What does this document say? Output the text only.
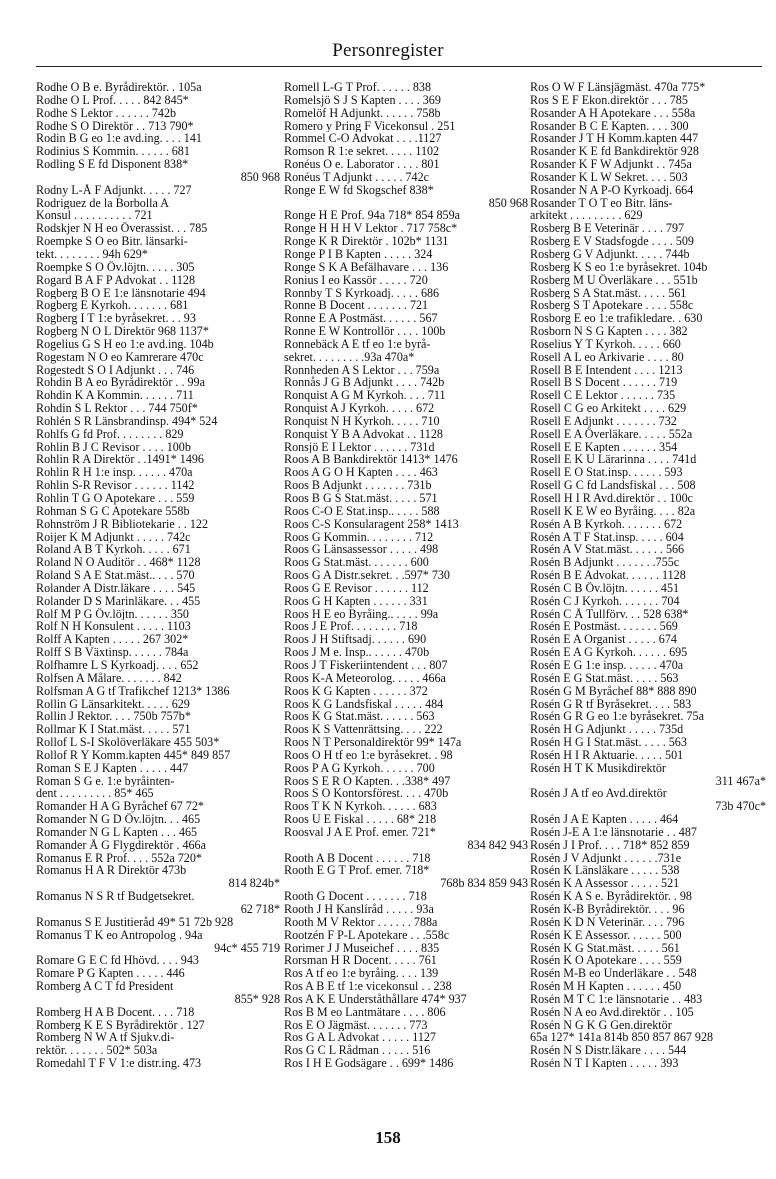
Personregister
Rodhe O B e. Byrådirektör. . 105a
Rodhe O L Prof. . . . . 842 845*
Rodhe S Lektor . . . . . . 742b
Rodhe S O Direktör . . 713 790*
Rodin B G eo 1:e avd.ing. . . . 141
Rodinius S Kommin. . . . . . 681
Rodling S E fd Disponent 838*
850 968
Rodny L-Å F Adjunkt. . . . . 727
Rodriguez de la Borbolla A
Konsul . . . . . . . . . . 721
Rodskjer N H eo Överassist. . . 785
Roempke S O eo Bitr. länsarki-
tekt. . . . . . . . 94h 629*
Roempke S O Öv.löjtn. . . . . 305
Rogard B A F P Advokat . . 1128
Rogberg B O E 1:e länsnotarie 494
Rogberg E Kyrkoh. . . . . . . 681
Rogberg I T 1:e byråsekret. . . 93
Rogberg N O L Direktör 968 1137*
Rogelius G S H eo 1:e avd.ing. 104b
Rogestam N O eo Kamrerare 470c
Rogestedt S O I Adjunkt . . . 746
Rohdin B A eo Byrådirektör . . 99a
Rohdin K A Kommin. . . . . . 711
Rohdin S L Rektor . . . 744 750f*
Rohlén S R Länsbrandinsp. 494* 524
Rohlfs G fd Prof. . . . . . . . 829
Rohlin B J C Revisor . . . . 100b
Rohlin R A Direktör . .1491* 1496
Rohlin R H 1:e insp. . . . . . 470a
Rohlin S-R Revisor . . . . . . 1142
Rohlin T G O Apotekare . . . 559
Rohman S G C Apotekare 558b
Rohnström J R Bibliotekarie . . 122
Roijer K M Adjunkt . . . . . 742c
Roland A B T Kyrkoh. . . . . 671
Roland N O Auditör . . 468* 1128
Roland S A E Stat.mäst.. . . . 570
Rolander A Distr.läkare . . . . 545
Rolander D S Marinläkare. . . 455
Rolf M P G Öv.löjtn. . . . . . 350
Rolf N H Konsulent . . . . . 1103
Rolff A Kapten . . . . . 267 302*
Rolff S B Växtinsp. . . . . . 784a
Rolfhamre L S Kyrkoadj. . . . 652
Rolfsen A Målare. . . . . . . 842
Rolfsman A G tf Trafikchef 1213* 1386
Rollin G Länsarkitekt. . . . . 629
Rollin J Rektor. . . . 750b 757b*
Rollmar K I Stat.mäst. . . . . 571
Rollof L S-I Skolöverläkare 455 503*
Rollof R Y Komm.kapten 445* 849 857
Roman S E J Kapten . . . . . 447
Roman S G e. 1:e byråinten-
dent . . . . . . . . . 85* 465
Romander H A G Byråchef 67 72*
Romander N G D Öv.löjtn. . . 465
Romander N G L Kapten . . . 465
Romander Å G Flygdirektör . 466a
Romanus E R Prof. . . . 552a 720*
Romanus H A R Direktör 473b
814 824b*
Romanus N S R tf Budgetsekret.
62 718*
Romanus S E Justitieråd 49* 51 72b 928
Romanus T K eo Antropolog . 94a
94c* 455 719
Romare G E C fd Hhövd. . . . 943
Romare P G Kapten . . . . . 446
Romberg A C T fd President
855* 928
Romberg H A B Docent. . . . 718
Romberg K E S Byrådirektör . 127
Romberg N W A tf Sjukv.di-
rektör. . . . . . . 502* 503a
Romedahl T F V 1:e distr.ing. 473
Romell L-G T Prof. . . . . . 838
Romelsjö S J S Kapten . . . . 369
Romelöf H Adjunkt. . . . . . 758b
Romero y Pring F Vicekonsul . 251
Rommel C-O Advokat . . . .1127
Romson R 1:e sekret. . . . . 1102
Ronéus O e. Laborator . . . . 801
Ronéus T Adjunkt . . . . . 742c
Ronge E W fd Skogschef 838*
850 968
Ronge H E Prof. 94a 718* 854 859a
Ronge H H H V Lektor . 717 758c*
Ronge K R Direktör . 102b* 1131
Ronge P I B Kapten . . . . . 324
Ronge S K A Befälhavare . . . 136
Ronius I eo Kassör . . . . . 720
Ronnby T S Kyrkoadj. . . . . 686
Ronne B Docent . . . . . . . 721
Ronne E A Postmäst. . . . . . 567
Ronne E W Kontrollör . . . . 100b
Ronnebäck A E tf eo 1:e byrå-
sekret. . . . . . . . .93a 470a*
Ronnheden A S Lektor . . . 759a
Ronnås J G B Adjunkt . . . . 742b
Ronquist A G M Kyrkoh. . . . 711
Ronquist A J Kyrkoh. . . . . 672
Ronquist N H Kyrkoh. . . . . 710
Ronquist Y B A Advokat . . 1128
Ronsjö E I Lektor . . . . . . 731d
Roos A B Bankdirektör 1413* 1476
Roos A G O H Kapten . . . . 463
Roos B Adjunkt . . . . . . . 731b
Roos B G S Stat.mäst. . . . . 571
Roos C-O E Stat.insp.. . . . . 588
Roos C-S Konsularagent 258* 1413
Roos G Kommin. . . . . . . . 712
Roos G Länsassessor . . . . . 498
Roos G Stat.mäst. . . . . . . 600
Roos G A Distr.sekret. . .597* 730
Roos G E Revisor . . . . . . 112
Roos G H Kapten . . . . . . 331
Roos H E eo Byråing.. . . . . 99a
Roos J E Prof. . . . . . . . 718
Roos J H Stiftsadj. . . . . . 690
Roos J M e. Insp.. . . . . . 470b
Roos J T Fiskeriintendent . . . 807
Roos K-A Meteorolog. . . . . 466a
Roos K G Kapten . . . . . . 372
Roos K G Landsfiskal . . . . . 484
Roos K G Stat.mäst. . . . . . 563
Roos K S Vattenrättsing. . . . 222
Roos N T Personaldirektör 99* 147a
Roos O H tf eo 1:e byråsekret. . 98
Roos P A G Kyrkoh. . . . . . 700
Roos S E R O Kapten. . .338* 497
Roos S O Kontorsförest. . . . 470b
Roos T K N Kyrkoh. . . . . . 683
Roos U E Fiskal . . . . . 68* 218
Roosval J A E Prof. emer. 721*
834 842 943
Rooth A B Docent . . . . . . 718
Rooth E G T Prof. emer. 718*
768b 834 859 943
Rooth G Docent . . . . . . . 718
Rooth J H Kanslíråd . . . . . 93a
Rooth M V Rektor . . . . . . 788a
Rootzén F P-L Apotekare . . .558c
Rorimer J J Museichef . . . . 835
Rorsman H R Docent. . . . . 761
Ros A tf eo 1:e byråing. . . . 139
Ros A B E tf 1:e vicekonsul . . 238
Ros A K E Underståthållare 474* 937
Ros B M eo Lantmätare . . . . 806
Ros E O Jägmäst. . . . . . . 773
Ros G A L Advokat . . . . . 1127
Ros G C L Rådman . . . . . 516
Ros I H E Godsägare . . 699* 1486
Ros O W F Länsjägmäst. 470a 775*
Ros S E F Ekon.direktör . . . 785
Rosander A H Apotekare . . . 558a
Rosander B C E Kapten. . . . 300
Rosander J T H Komm.kapten 447
Rosander K E fd Bankdirektör 928
Rosander K F W Adjunkt . . 745a
Rosander K L W Sekret. . . . 503
Rosander N A P-O Kyrkoadj. 664
Rosander T O T eo Bitr. läns-
arkitekt . . . . . . . . . 629
Rosberg B E Veterinär . . . . 797
Rosberg E V Stadsfogde . . . . 509
Rosberg G V Adjunkt. . . . . 744b
Rosberg K S eo 1:e byråsekret. 104b
Rosberg M U Överläkare . . . 551b
Rosberg S A Stat.mäst. . . . . 561
Rosberg S T Apotekare . . . . 558c
Rosborg E eo 1:e trafikledare. . 630
Rosborn N S G Kapten . . . . 382
Roselius Y T Kyrkoh. . . . . 660
Rosell A L eo Arkivarie . . . . 80
Rosell B E Intendent . . . . 1213
Rosell B S Docent . . . . . . 719
Rosell C E Lektor . . . . . . 735
Rosell C G eo Arkitekt . . . . 629
Rosell E Adjunkt . . . . . . . 732
Rosell E A Överläkare. . . . . 552a
Rosell E E Kapten . . . . . . 354
Rosell E K U Lärarinna . . . . 741d
Rosell E O Stat.insp. . . . . . 593
Rosell G C fd Landsfiskal . . . 508
Rosell H I R Avd.direktör . . 100c
Rosell K E W eo Byråing. . . . 82a
Rosén A B Kyrkoh. . . . . . . 672
Rosén A T F Stat.insp. . . . . 604
Rosén A V Stat.mäst. . . . . . 566
Rosén B Adjunkt . . . . . . .755c
Rosén B E Advokat. . . . . . 1128
Rosén C B Öv.löjtn. . . . . . 451
Rosén C J Kyrkoh. . . . . . . 704
Rosén C Å Tullförv. . . 528 638*
Rosén E Postmäst. . . . . . . 569
Rosén E A Organist . . . . . 674
Rosén E A G Kyrkoh. . . . . . 695
Rosén E G 1:e insp. . . . . . 470a
Rosén E G Stat.mäst. . . . . 563
Rosén G M Byråchef 88* 888 890
Rosén G R tf Byråsekret. . . . 583
Rosén G R G eo 1:e byråsekret. 75a
Rosén H G Adjunkt . . . . . 735d
Rosén H G I Stat.mäst. . . . . 563
Rosén H I R Aktuarie. . . . . 501
Rosén H T K Musikdirektör
311 467a*
Rosén J A tf eo Avd.direktör
73b 470c*
Rosén J A E Kapten . . . . . 464
Rosén J-E A 1:e länsnotarie . . 487
Rosén J I Prof. . . . 718* 852 859
Rosén J V Adjunkt . . . . . .731e
Rosén K Länsläkare . . . . . 538
Rosén K A Assessor . . . . . 521
Rosén K A S e. Byrådirektör. . 98
Rosén K-B Byrådirektör. . . . 96
Rosén K D N Veterinär. . . . 796
Rosén K E Assessor. . . . . . 500
Rosén K G Stat.mäst. . . . . 561
Rosén K O Apotekare . . . . 559
Rosén M-B eo Underläkare . . 548
Rosén M H Kapten . . . . . . 450
Rosén M T C 1:e länsnotarie . . 483
Rosén N A eo Avd.direktör . . 105
Rosén N G K G Gen.direktör
65a 127* 141a 814b 850 857 867 928
Rosén N S Distr.läkare . . . . 544
Rosén N T I Kapten . . . . . 393
158
